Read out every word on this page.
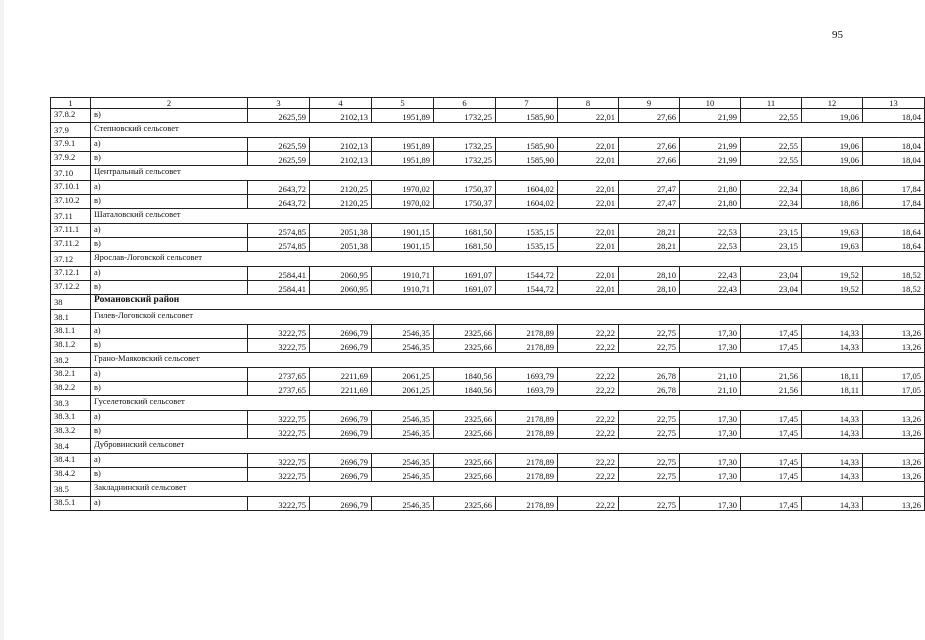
95
1	2	3	4	5	6	7	8	9	10	11	12	13
37.8.2	в)	2625,59	2102,13	1951,89	1732,25	1585,90	22,01	27,66	21,99	22,55	19,06	18,04
37.9	Степновский сельсовет											
37.9.1	а)	2625,59	2102,13	1951,89	1732,25	1585,90	22,01	27,66	21,99	22,55	19,06	18,04
37.9.2	в)	2625,59	2102,13	1951,89	1732,25	1585,90	22,01	27,66	21,99	22,55	19,06	18,04
37.10	Центральный сельсовет											
37.10.1	а)	2643,72	2120,25	1970,02	1750,37	1604,02	22,01	27,47	21,80	22,34	18,86	17,84
37.10.2	в)	2643,72	2120,25	1970,02	1750,37	1604,02	22,01	27,47	21,80	22,34	18,86	17,84
37.11	Шаталовский сельсовет											
37.11.1	а)	2574,85	2051,38	1901,15	1681,50	1535,15	22,01	28,21	22,53	23,15	19,63	18,64
37.11.2	в)	2574,85	2051,38	1901,15	1681,50	1535,15	22,01	28,21	22,53	23,15	19,63	18,64
37.12	Ярослав-Логовской сельсовет											
37.12.1	а)	2584,41	2060,95	1910,71	1691,07	1544,72	22,01	28,10	22,43	23,04	19,52	18,52
37.12.2	в)	2584,41	2060,95	1910,71	1691,07	1544,72	22,01	28,10	22,43	23,04	19,52	18,52
38	Романовский район											
38.1	Гилев-Логовской сельсовет											
38.1.1	а)	3222,75	2696,79	2546,35	2325,66	2178,89	22,22	22,75	17,30	17,45	14,33	13,26
38.1.2	в)	3222,75	2696,79	2546,35	2325,66	2178,89	22,22	22,75	17,30	17,45	14,33	13,26
38.2	Грано-Маяковский сельсовет											
38.2.1	а)	2737,65	2211,69	2061,25	1840,56	1693,79	22,22	26,78	21,10	21,56	18,11	17,05
38.2.2	в)	2737,65	2211,69	2061,25	1840,56	1693,79	22,22	26,78	21,10	21,56	18,11	17,05
38.3	Гуселетовский сельсовет											
38.3.1	а)	3222,75	2696,79	2546,35	2325,66	2178,89	22,22	22,75	17,30	17,45	14,33	13,26
38.3.2	в)	3222,75	2696,79	2546,35	2325,66	2178,89	22,22	22,75	17,30	17,45	14,33	13,26
38.4	Дубровинский сельсовет											
38.4.1	а)	3222,75	2696,79	2546,35	2325,66	2178,89	22,22	22,75	17,30	17,45	14,33	13,26
38.4.2	в)	3222,75	2696,79	2546,35	2325,66	2178,89	22,22	22,75	17,30	17,45	14,33	13,26
38.5	Закладнинский сельсовет											
38.5.1	а)	3222,75	2696,79	2546,35	2325,66	2178,89	22,22	22,75	17,30	17,45	14,33	13,26
